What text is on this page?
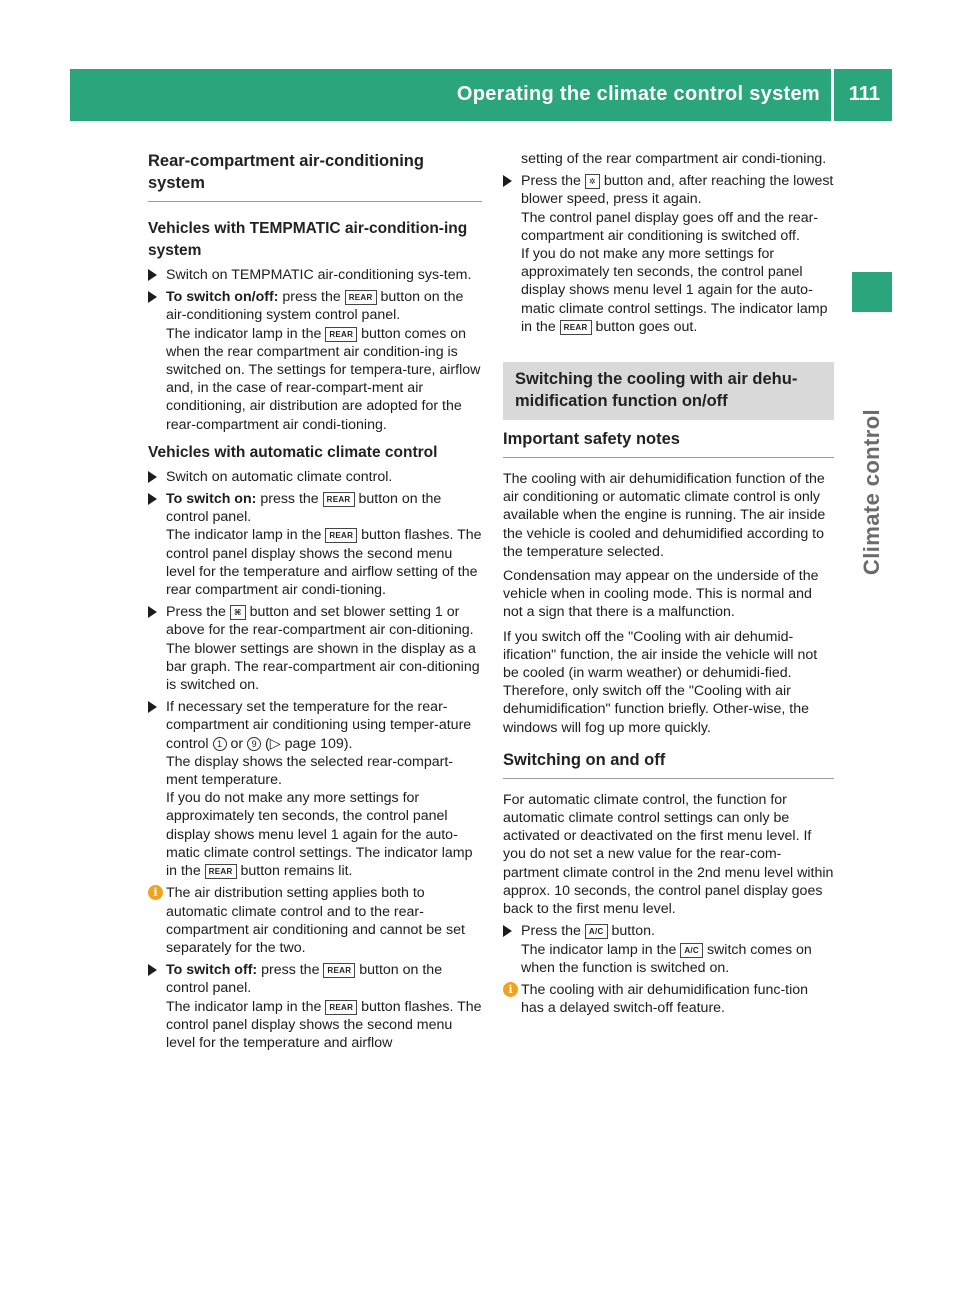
Operating the climate control system 111
Climate control
Rear-compartment air-conditioning system
Vehicles with TEMPMATIC air-condition-ing system

Switch on TEMPMATIC air-conditioning sys-tem.

To switch on/off: press the REAR button on the air-conditioning system control panel.
The indicator lamp in the REAR button comes on when the rear compartment air condition-ing is switched on. The settings for tempera-ture, airflow and, in the case of rear-compart-ment air conditioning, air distribution are adopted for the rear-compartment air condi-tioning.

Vehicles with automatic climate control

Switch on automatic climate control.

To switch on: press the REAR button on the control panel.
The indicator lamp in the REAR button flashes. The control panel display shows the second menu level for the temperature and airflow setting of the rear compartment air condi-tioning.

Press the ⌘ button and set blower setting 1 or above for the rear-compartment air con-ditioning.
The blower settings are shown in the display as a bar graph. The rear-compartment air con-ditioning is switched on.

If necessary set the temperature for the rear-compartment air conditioning using temper-ature control 1 or 9 (▷ page 109).
The display shows the selected rear-compart-ment temperature.

If you do not make any more settings for approximately ten seconds, the control panel display shows menu level 1 again for the auto-matic climate control settings. The indicator lamp in the REAR button remains lit.

i The air distribution setting applies both to automatic climate control and to the rear-compartment air conditioning and cannot be set separately for the two.

To switch off: press the REAR button on the control panel.
The indicator lamp in the REAR button flashes. The control panel display shows the second menu level for the temperature and airflow

setting of the rear compartment air condi-tioning.

Press the ✲ button and, after reaching the lowest blower speed, press it again.
The control panel display goes off and the rear-compartment air conditioning is switched off.

If you do not make any more settings for approximately ten seconds, the control panel display shows menu level 1 again for the auto-matic climate control settings. The indicator lamp in the REAR button goes out.

Switching the cooling with air dehu-midification function on/off
Important safety notes

The cooling with air dehumidification function of the air conditioning or automatic climate control is only available when the engine is running. The air inside the vehicle is cooled and dehumidified according to the temperature selected.

Condensation may appear on the underside of the vehicle when in cooling mode. This is normal and not a sign that there is a malfunction.

If you switch off the "Cooling with air dehumid-ification" function, the air inside the vehicle will not be cooled (in warm weather) or dehumidi-fied. Therefore, only switch off the "Cooling with air dehumidification" function briefly. Other-wise, the windows will fog up more quickly.

Switching on and off

For automatic climate control, the function for automatic climate control settings can only be activated or deactivated on the first menu level. If you do not set a new value for the rear-com-partment climate control in the 2nd menu level within approx. 10 seconds, the control panel display goes back to the first menu level.

Press the A/C button.
The indicator lamp in the A/C switch comes on when the function is switched on.

i The cooling with air dehumidification func-tion has a delayed switch-off feature.
